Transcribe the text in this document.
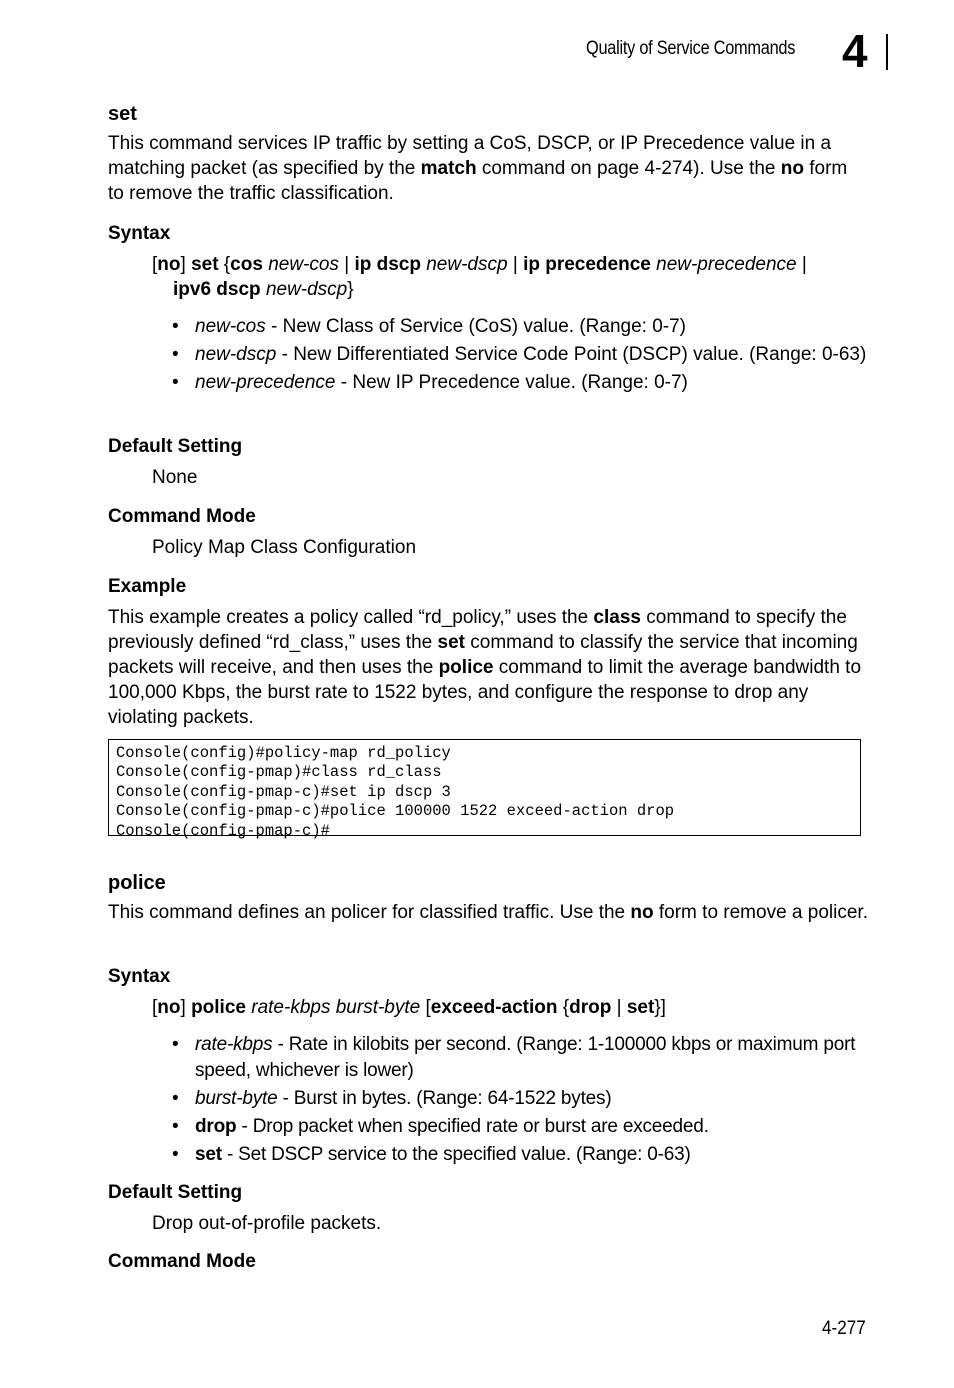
Quality of Service Commands 4
set
This command services IP traffic by setting a CoS, DSCP, or IP Precedence value in a matching packet (as specified by the match command on page 4-274). Use the no form to remove the traffic classification.
Syntax
[no] set {cos new-cos | ip dscp new-dscp | ip precedence new-precedence |
ipv6 dscp new-dscp}
• new-cos - New Class of Service (CoS) value. (Range: 0-7)
• new-dscp - New Differentiated Service Code Point (DSCP) value. (Range: 0-63)
• new-precedence - New IP Precedence value. (Range: 0-7)
Default Setting
None
Command Mode
Policy Map Class Configuration
Example
This example creates a policy called “rd_policy,” uses the class command to specify the previously defined “rd_class,” uses the set command to classify the service that incoming packets will receive, and then uses the police command to limit the average bandwidth to 100,000 Kbps, the burst rate to 1522 bytes, and configure the response to drop any violating packets.
Console(config)#policy-map rd_policy
Console(config-pmap)#class rd_class
Console(config-pmap-c)#set ip dscp 3
Console(config-pmap-c)#police 100000 1522 exceed-action drop
Console(config-pmap-c)#
police
This command defines an policer for classified traffic. Use the no form to remove a policer.
Syntax
[no] police rate-kbps burst-byte [exceed-action {drop | set}]
• rate-kbps - Rate in kilobits per second. (Range: 1-100000 kbps or maximum port speed, whichever is lower)
• burst-byte - Burst in bytes. (Range: 64-1522 bytes)
• drop - Drop packet when specified rate or burst are exceeded.
• set - Set DSCP service to the specified value. (Range: 0-63)
Default Setting
Drop out-of-profile packets.
Command Mode
4-277
